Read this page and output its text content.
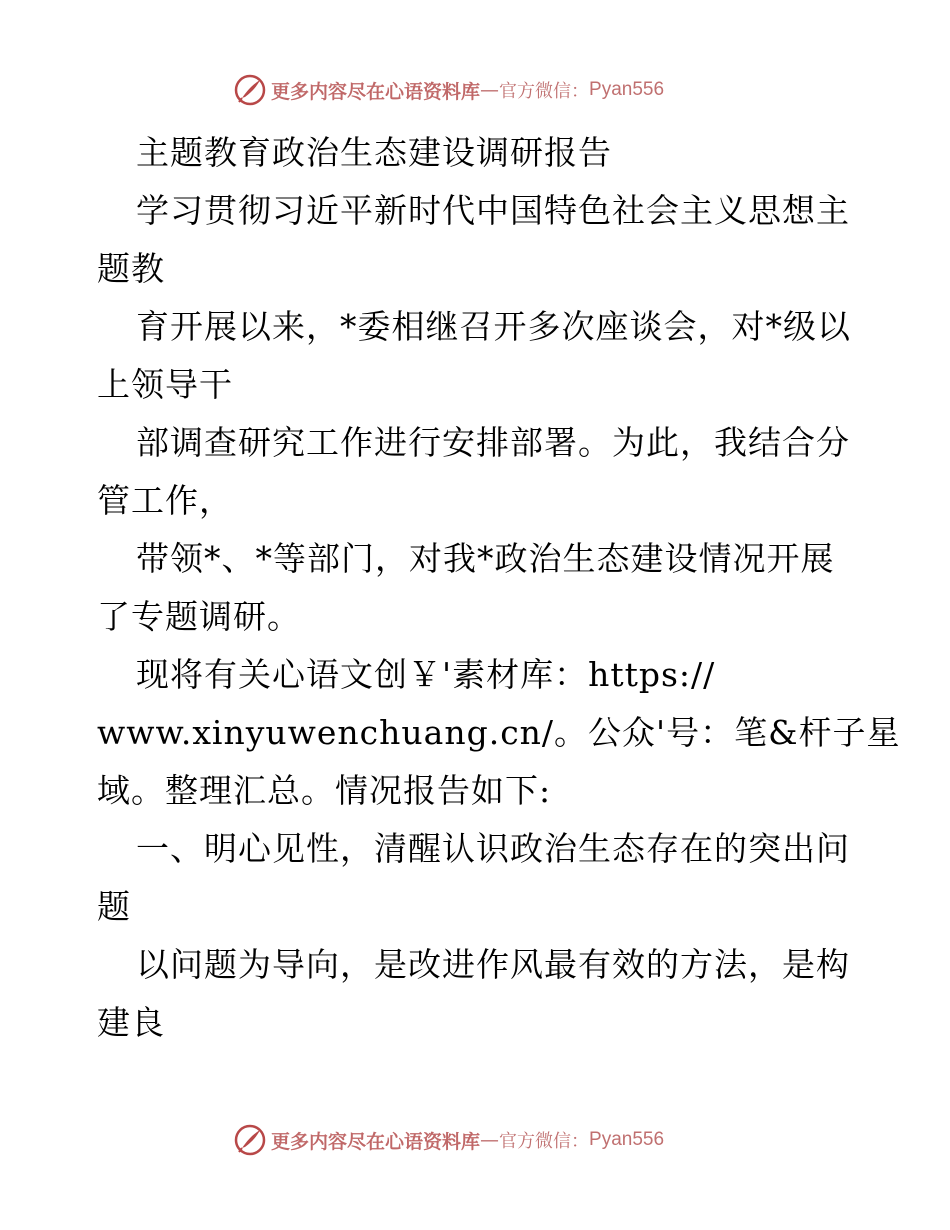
更多内容尽在心语资料库 — 官方微信： Pyan556
主题教育政治生态建设调研报告
学习贯彻习近平新时代中国特色社会主义思想主
题教
育开展以来，*委相继召开多次座谈会，对*级以
上领导干
部调查研究工作进行安排部署。为此，我结合分
管工作，
带领*、*等部门，对我*政治生态建设情况开展
了专题调研。
现将有关心语文创￥'素材库：https://
www.xinyuwenchuang.cn/。公众'号：笔&杆子星
域。整理汇总。情况报告如下:
一、明心见性，清醒认识政治生态存在的突出问
题
以问题为导向，是改进作风最有效的方法，是构
建良
更多内容尽在心语资料库 — 官方微信： Pyan556
